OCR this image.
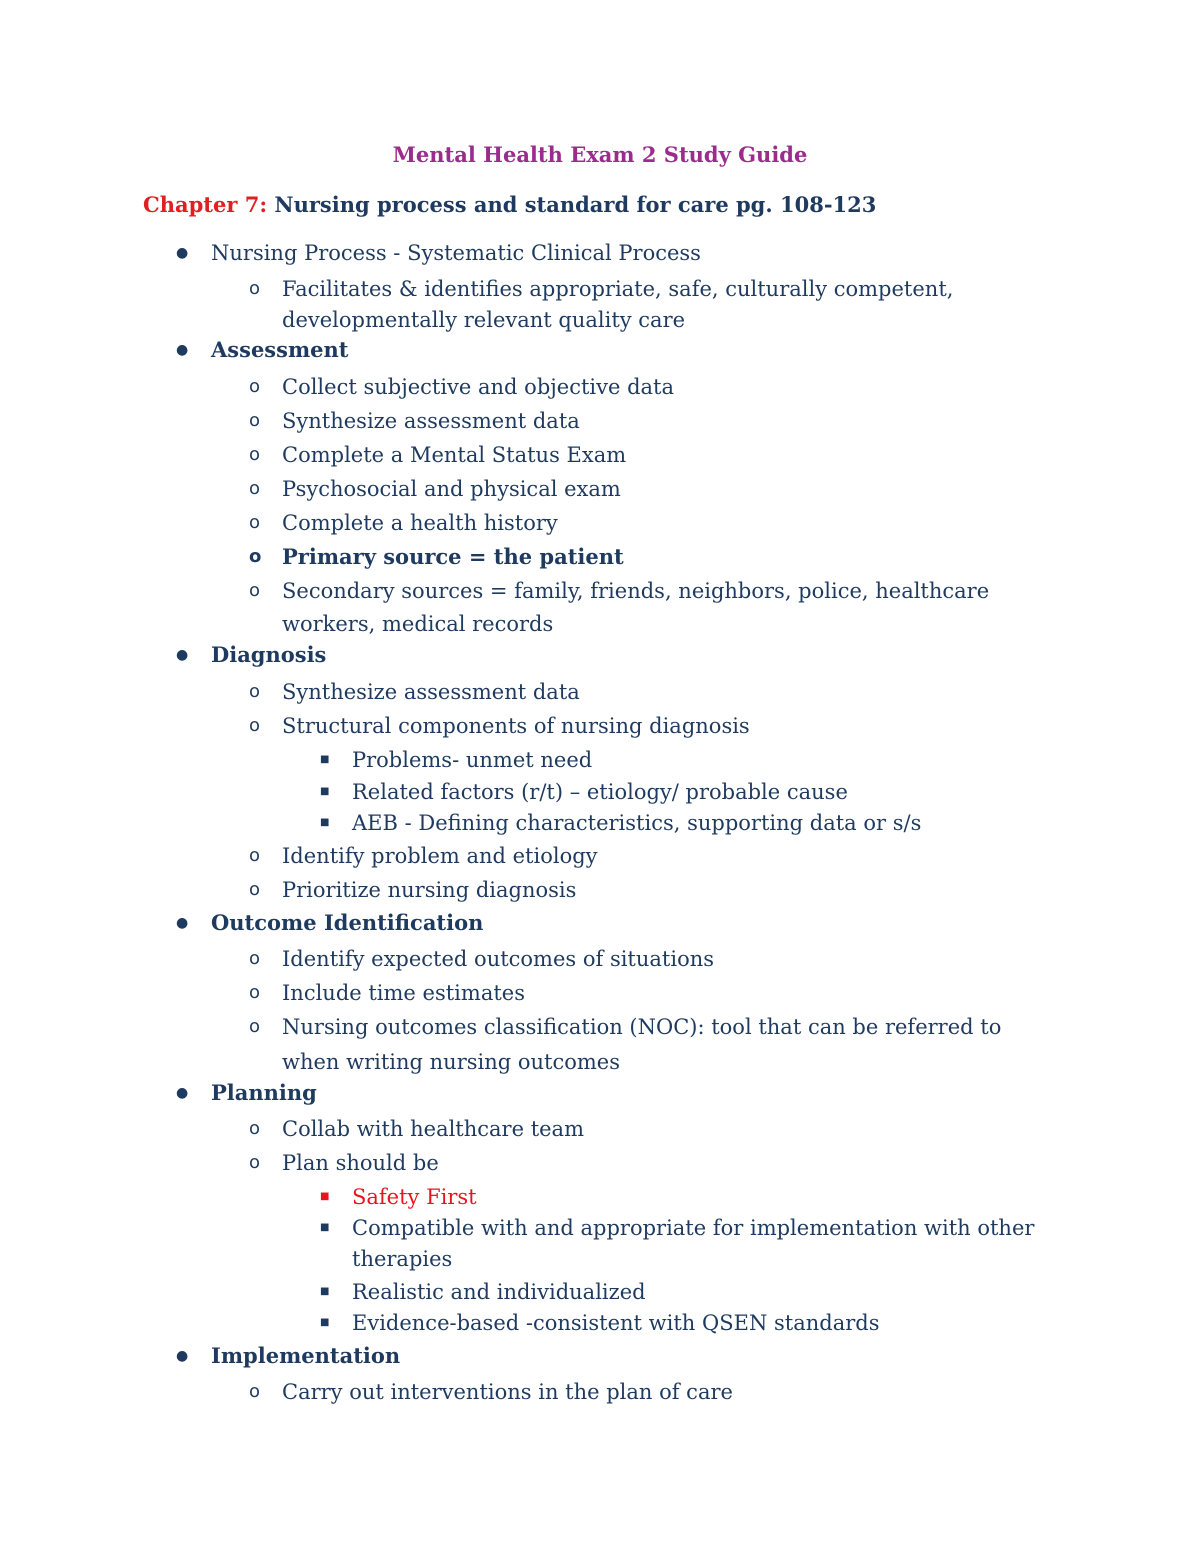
Mental Health Exam 2 Study Guide
Chapter 7: Nursing process and standard for care pg. 108-123
● Nursing Process - Systematic Clinical Process
o Facilitates & identifies appropriate, safe, culturally competent,
developmentally relevant quality care
● Assessment
o Collect subjective and objective data
o Synthesize assessment data
o Complete a Mental Status Exam
o Psychosocial and physical exam
o Complete a health history
o Primary source = the patient
o Secondary sources = family, friends, neighbors, police, healthcare
workers, medical records
● Diagnosis
o Synthesize assessment data
o Structural components of nursing diagnosis
■ Problems- unmet need
■ Related factors (r/t) – etiology/ probable cause
■ AEB - Defining characteristics, supporting data or s/s
o Identify problem and etiology
o Prioritize nursing diagnosis
● Outcome Identification
o Identify expected outcomes of situations
o Include time estimates
o Nursing outcomes classification (NOC): tool that can be referred to
when writing nursing outcomes
● Planning
o Collab with healthcare team
o Plan should be
■ Safety First
■ Compatible with and appropriate for implementation with other
therapies
■ Realistic and individualized
■ Evidence-based -consistent with QSEN standards
● Implementation
o Carry out interventions in the plan of care
